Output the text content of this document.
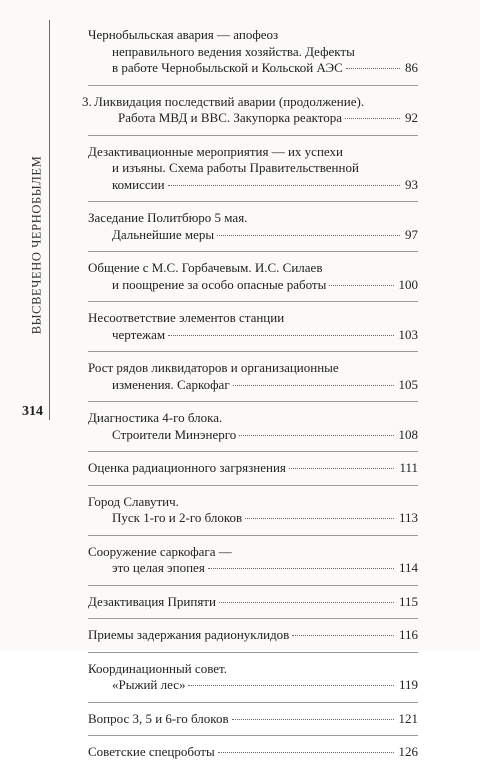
ВЫСВЕЧЕНО ЧЕРНОБЫЛЕМ
314
Чернобыльская авария — апофеоз
неправильного ведения хозяйства. Дефекты
в работе Чернобыльской и Кольской АЭС	86
3. Ликвидация последствий аварии (продолжение).
Работа МВД и ВВС. Закупорка реактора	92
Дезактивационные мероприятия — их успехи
и изъяны. Схема работы Правительственной
комиссии	93
Заседание Политбюро 5 мая.
Дальнейшие меры	97
Общение с М.С. Горбачевым. И.С. Силаев
и поощрение за особо опасные работы	100
Несоответствие элементов станции
чертежам	103
Рост рядов ликвидаторов и организационные
изменения. Саркофаг	105
Диагностика 4-го блока.
Строители Минэнерго	108
Оценка радиационного загрязнения	111
Город Славутич.
Пуск 1-го и 2-го блоков	113
Сооружение саркофага —
это целая эпопея	114
Дезактивация Припяти	115
Приемы задержания радионуклидов	116
Координационный совет.
«Рыжий лес»	119
Вопрос 3, 5 и 6-го блоков	121
Советские спецроботы	126
